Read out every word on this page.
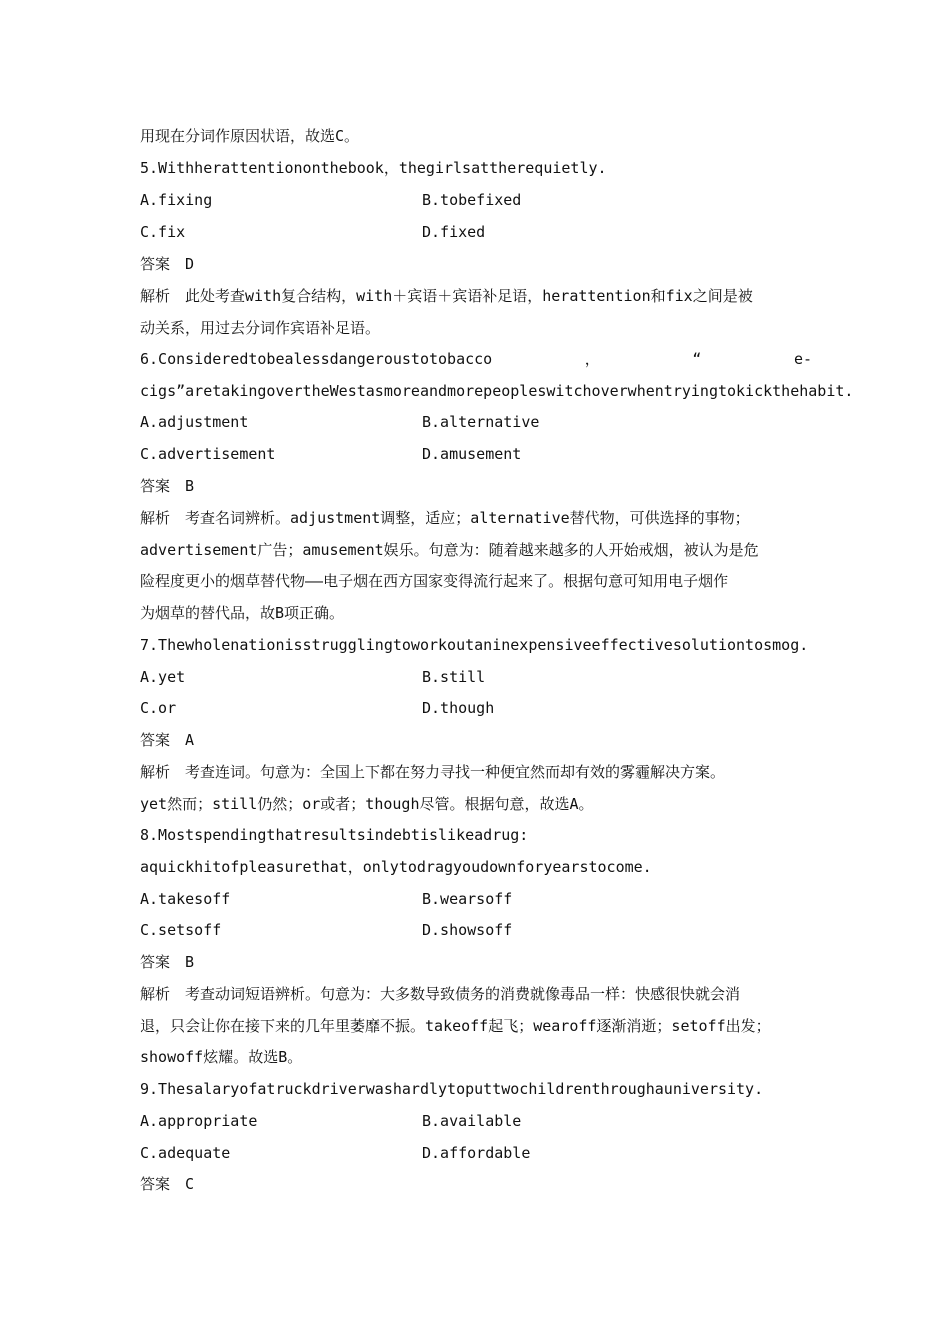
用现在分词作原因状语，故选C。
5.Withherattentiononthebook，thegirlsattherequietly.
A.fixing	B.tobefixed
C.fix	D.fixed
答案　D
解析　此处考查with复合结构，with＋宾语＋宾语补足语，herattention和fix之间是被
动关系，用过去分词作宾语补足语。
6.Consideredtobealessdangeroustotobacco	，	“	e-
cigs”aretakingovertheWestasmoreandmorepeopleswitchoverwhentryingtokickthehabit.
A.adjustment	B.alternative
C.advertisement	D.amusement
答案　B
解析　考查名词辨析。adjustment调整，适应；alternative替代物，可供选择的事物；
advertisement广告；amusement娱乐。句意为：随着越来越多的人开始戒烟，被认为是危
险程度更小的烟草替代物——电子烟在西方国家变得流行起来了。根据句意可知用电子烟作
为烟草的替代品，故B项正确。
7.Thewholenationisstrugglingtoworkoutaninexpensiveeffectivesolutiontosmog.
A.yet	B.still
C.or	D.though
答案　A
解析　考查连词。句意为：全国上下都在努力寻找一种便宜然而却有效的雾霾解决方案。
yet然而；still仍然；or或者；though尽管。根据句意，故选A。
8.Mostspendingthatresultsindebtislikeadrug:
aquickhitofpleasurethat，onlytodragyoudownforyearstocome.
A.takesoff	B.wearsoff
C.setsoff	D.showsoff
答案　B
解析　考查动词短语辨析。句意为：大多数导致债务的消费就像毒品一样：快感很快就会消
退，只会让你在接下来的几年里萎靡不振。takeoff起飞；wearoff逐渐消逝；setoff出发；
showoff炫耀。故选B。
9.Thesalaryofatruckdriverwashardlytoputtwochildrenthroughauniversity.
A.appropriate	B.available
C.adequate	D.affordable
答案　C
